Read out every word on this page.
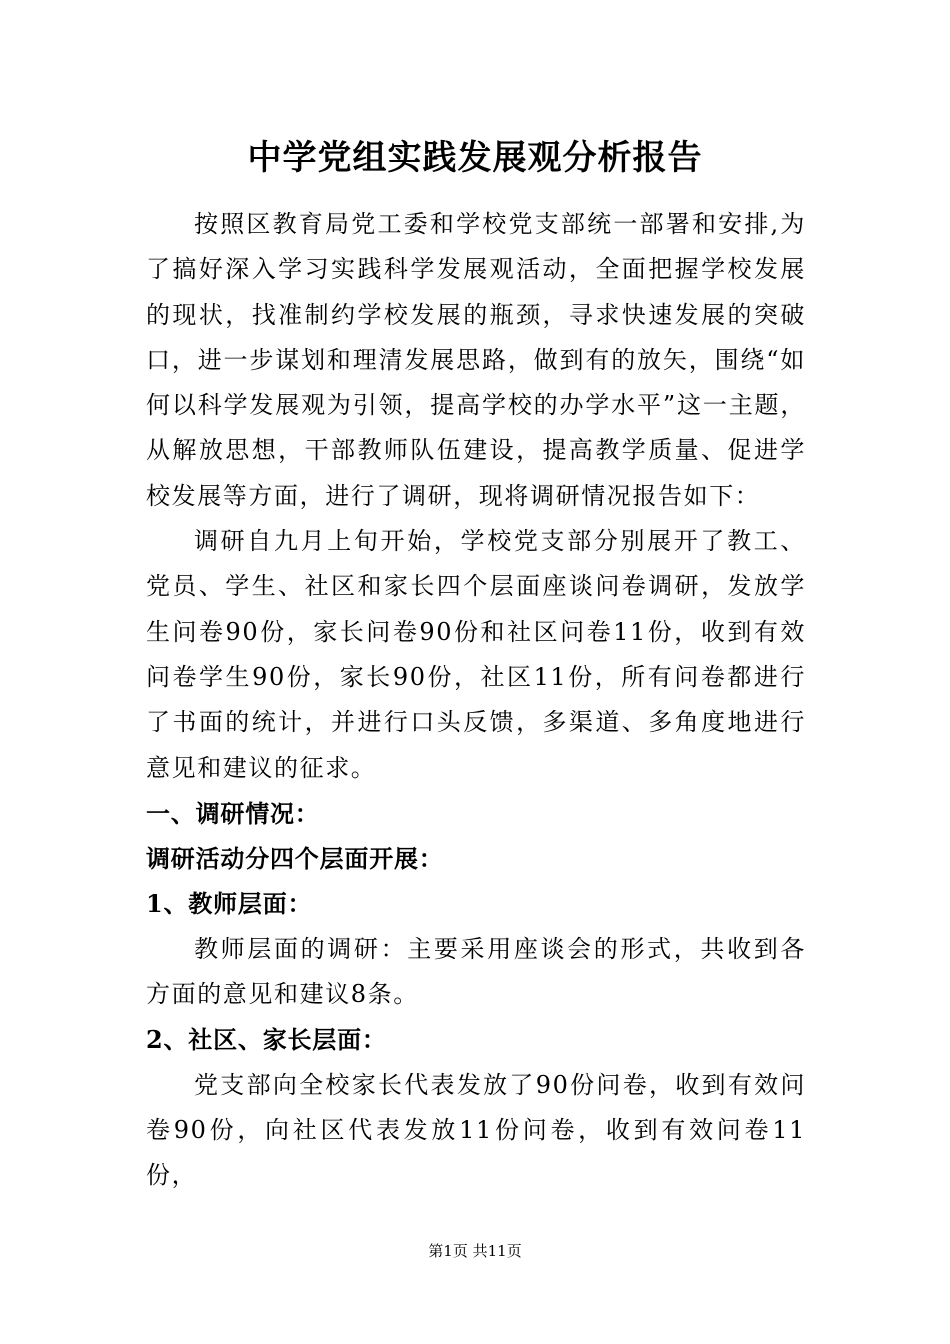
中学党组实践发展观分析报告

按照区教育局党工委和学校党支部统一部署和安排,为了搞好深入学习实践科学发展观活动，全面把握学校发展的现状，找准制约学校发展的瓶颈，寻求快速发展的突破口，进一步谋划和理清发展思路，做到有的放矢，围绕“如何以科学发展观为引领，提高学校的办学水平”这一主题，从解放思想，干部教师队伍建设，提高教学质量、促进学校发展等方面，进行了调研，现将调研情况报告如下：

调研自九月上旬开始，学校党支部分别展开了教工、党员、学生、社区和家长四个层面座谈问卷调研，发放学生问卷90份，家长问卷90份和社区问卷11份，收到有效问卷学生90份，家长90份，社区11份，所有问卷都进行了书面的统计，并进行口头反馈，多渠道、多角度地进行意见和建议的征求。

一、调研情况：

调研活动分四个层面开展：

1、教师层面：

教师层面的调研：主要采用座谈会的形式，共收到各方面的意见和建议8条。

2、社区、家长层面：

党支部向全校家长代表发放了90份问卷，收到有效问卷90份，向社区代表发放11份问卷，收到有效问卷11份，

第1页 共11页
